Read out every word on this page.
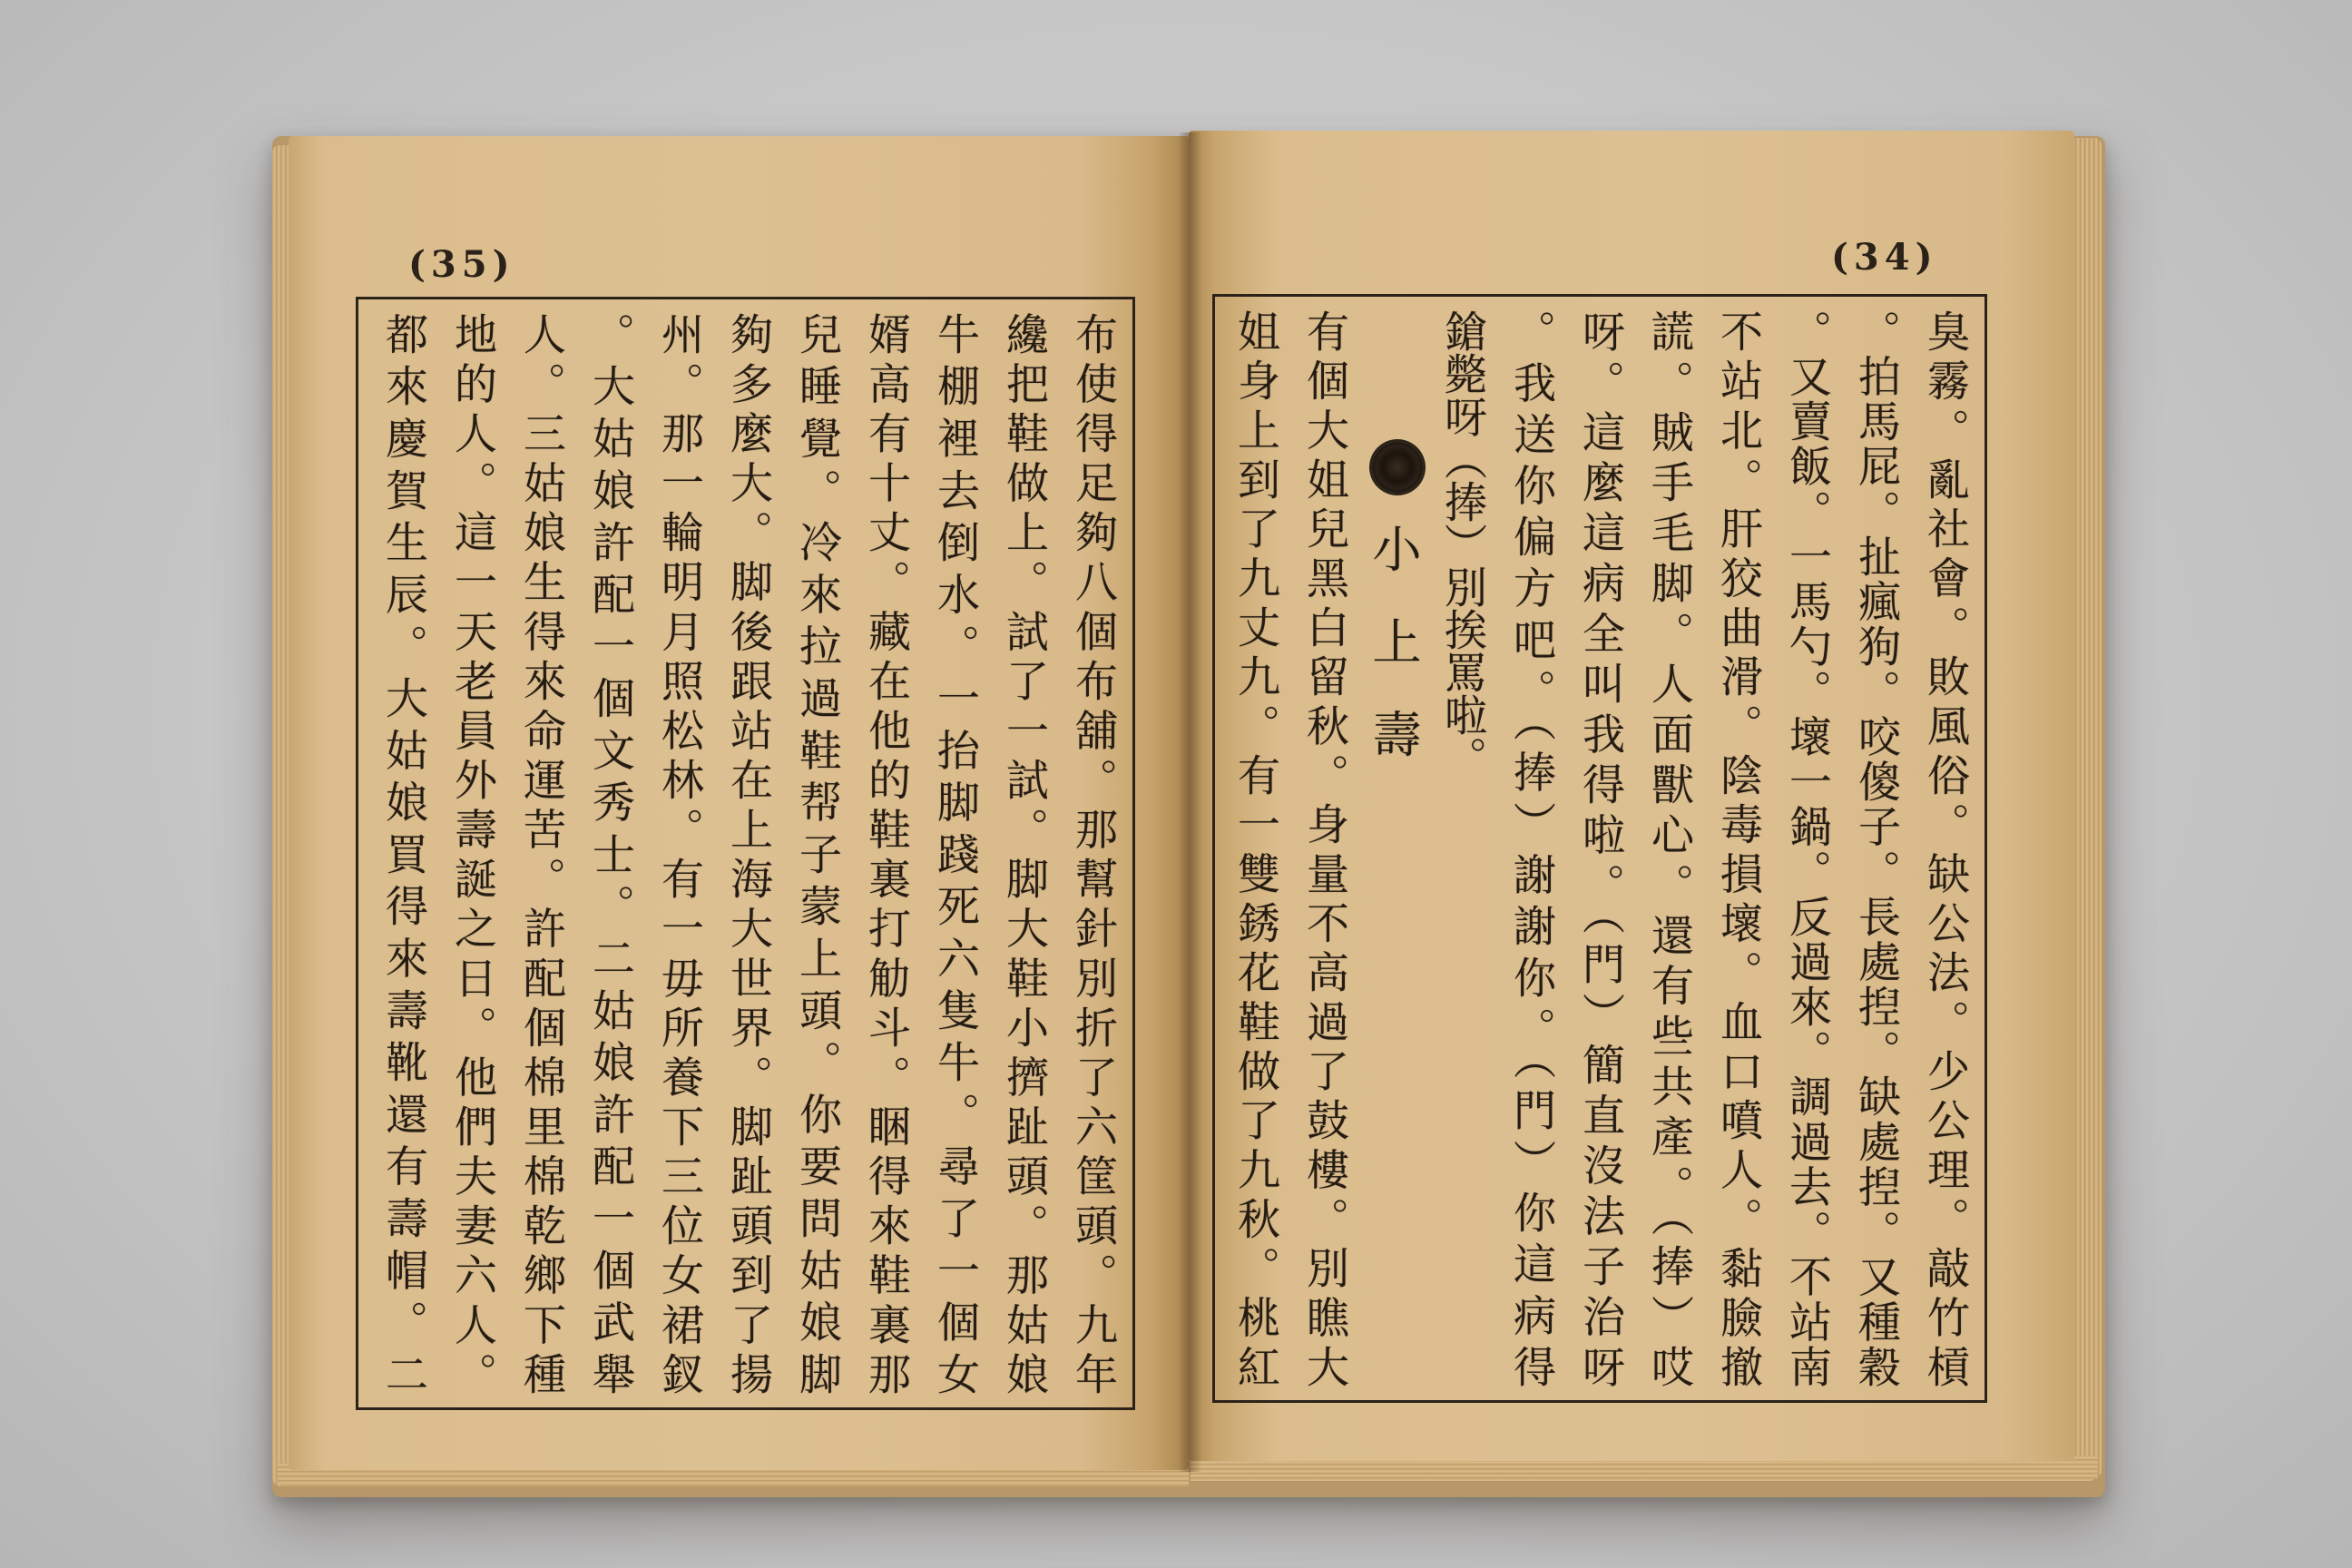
(35)	(34)
布使得足夠八個布舖。那幫針別折了六筐頭。九年
纔把鞋做上。試了一試。脚大鞋小擠趾頭。那姑娘
牛棚裡去倒水。一抬脚踐死六隻牛。尋了一個女
婿高有十丈。藏在他的鞋裏打觔斗。睏得來鞋裏那
兒睡覺。冷來拉過鞋帮子蒙上頭。你要問姑娘脚
夠多麼大。脚後跟站在上海大世界。脚趾頭到了揚
州。那一輪明月照松林。有一毋所養下三位女裙釵
。大姑娘許配一個文秀士。二姑娘許配一個武舉
人。三姑娘生得來命運苦。許配個棉里棉乾鄉下種
地的人。這一天老員外壽誕之日。他們夫妻六人。
都來慶賀生辰。大姑娘買得來壽靴還有壽帽。二	臭霧。亂社會。敗風俗。缺公法。少公理。敲竹槓
。拍馬屁。扯瘋狗。咬傻子。長處揑。缺處揑。又種穀
。又賣飯。一馬勺。壞一鍋。反過來。調過去。不站南
不站北。肝狡曲滑。陰毒損壞。血口噴人。黏臉撤
謊。賊手毛脚。人面獸心。還有些共產。（捧）哎
呀。這麼這病全叫我得啦。（門）簡直沒法子治呀
。我送你偏方吧。（捧）謝謝你。（門）你這病得
鎗斃呀（捧）別挨罵啦。
小上壽
有個大姐兒黑白留秋。身量不高過了鼓樓。別瞧大
姐身上到了九丈九。有一雙銹花鞋做了九秋。桃紅
